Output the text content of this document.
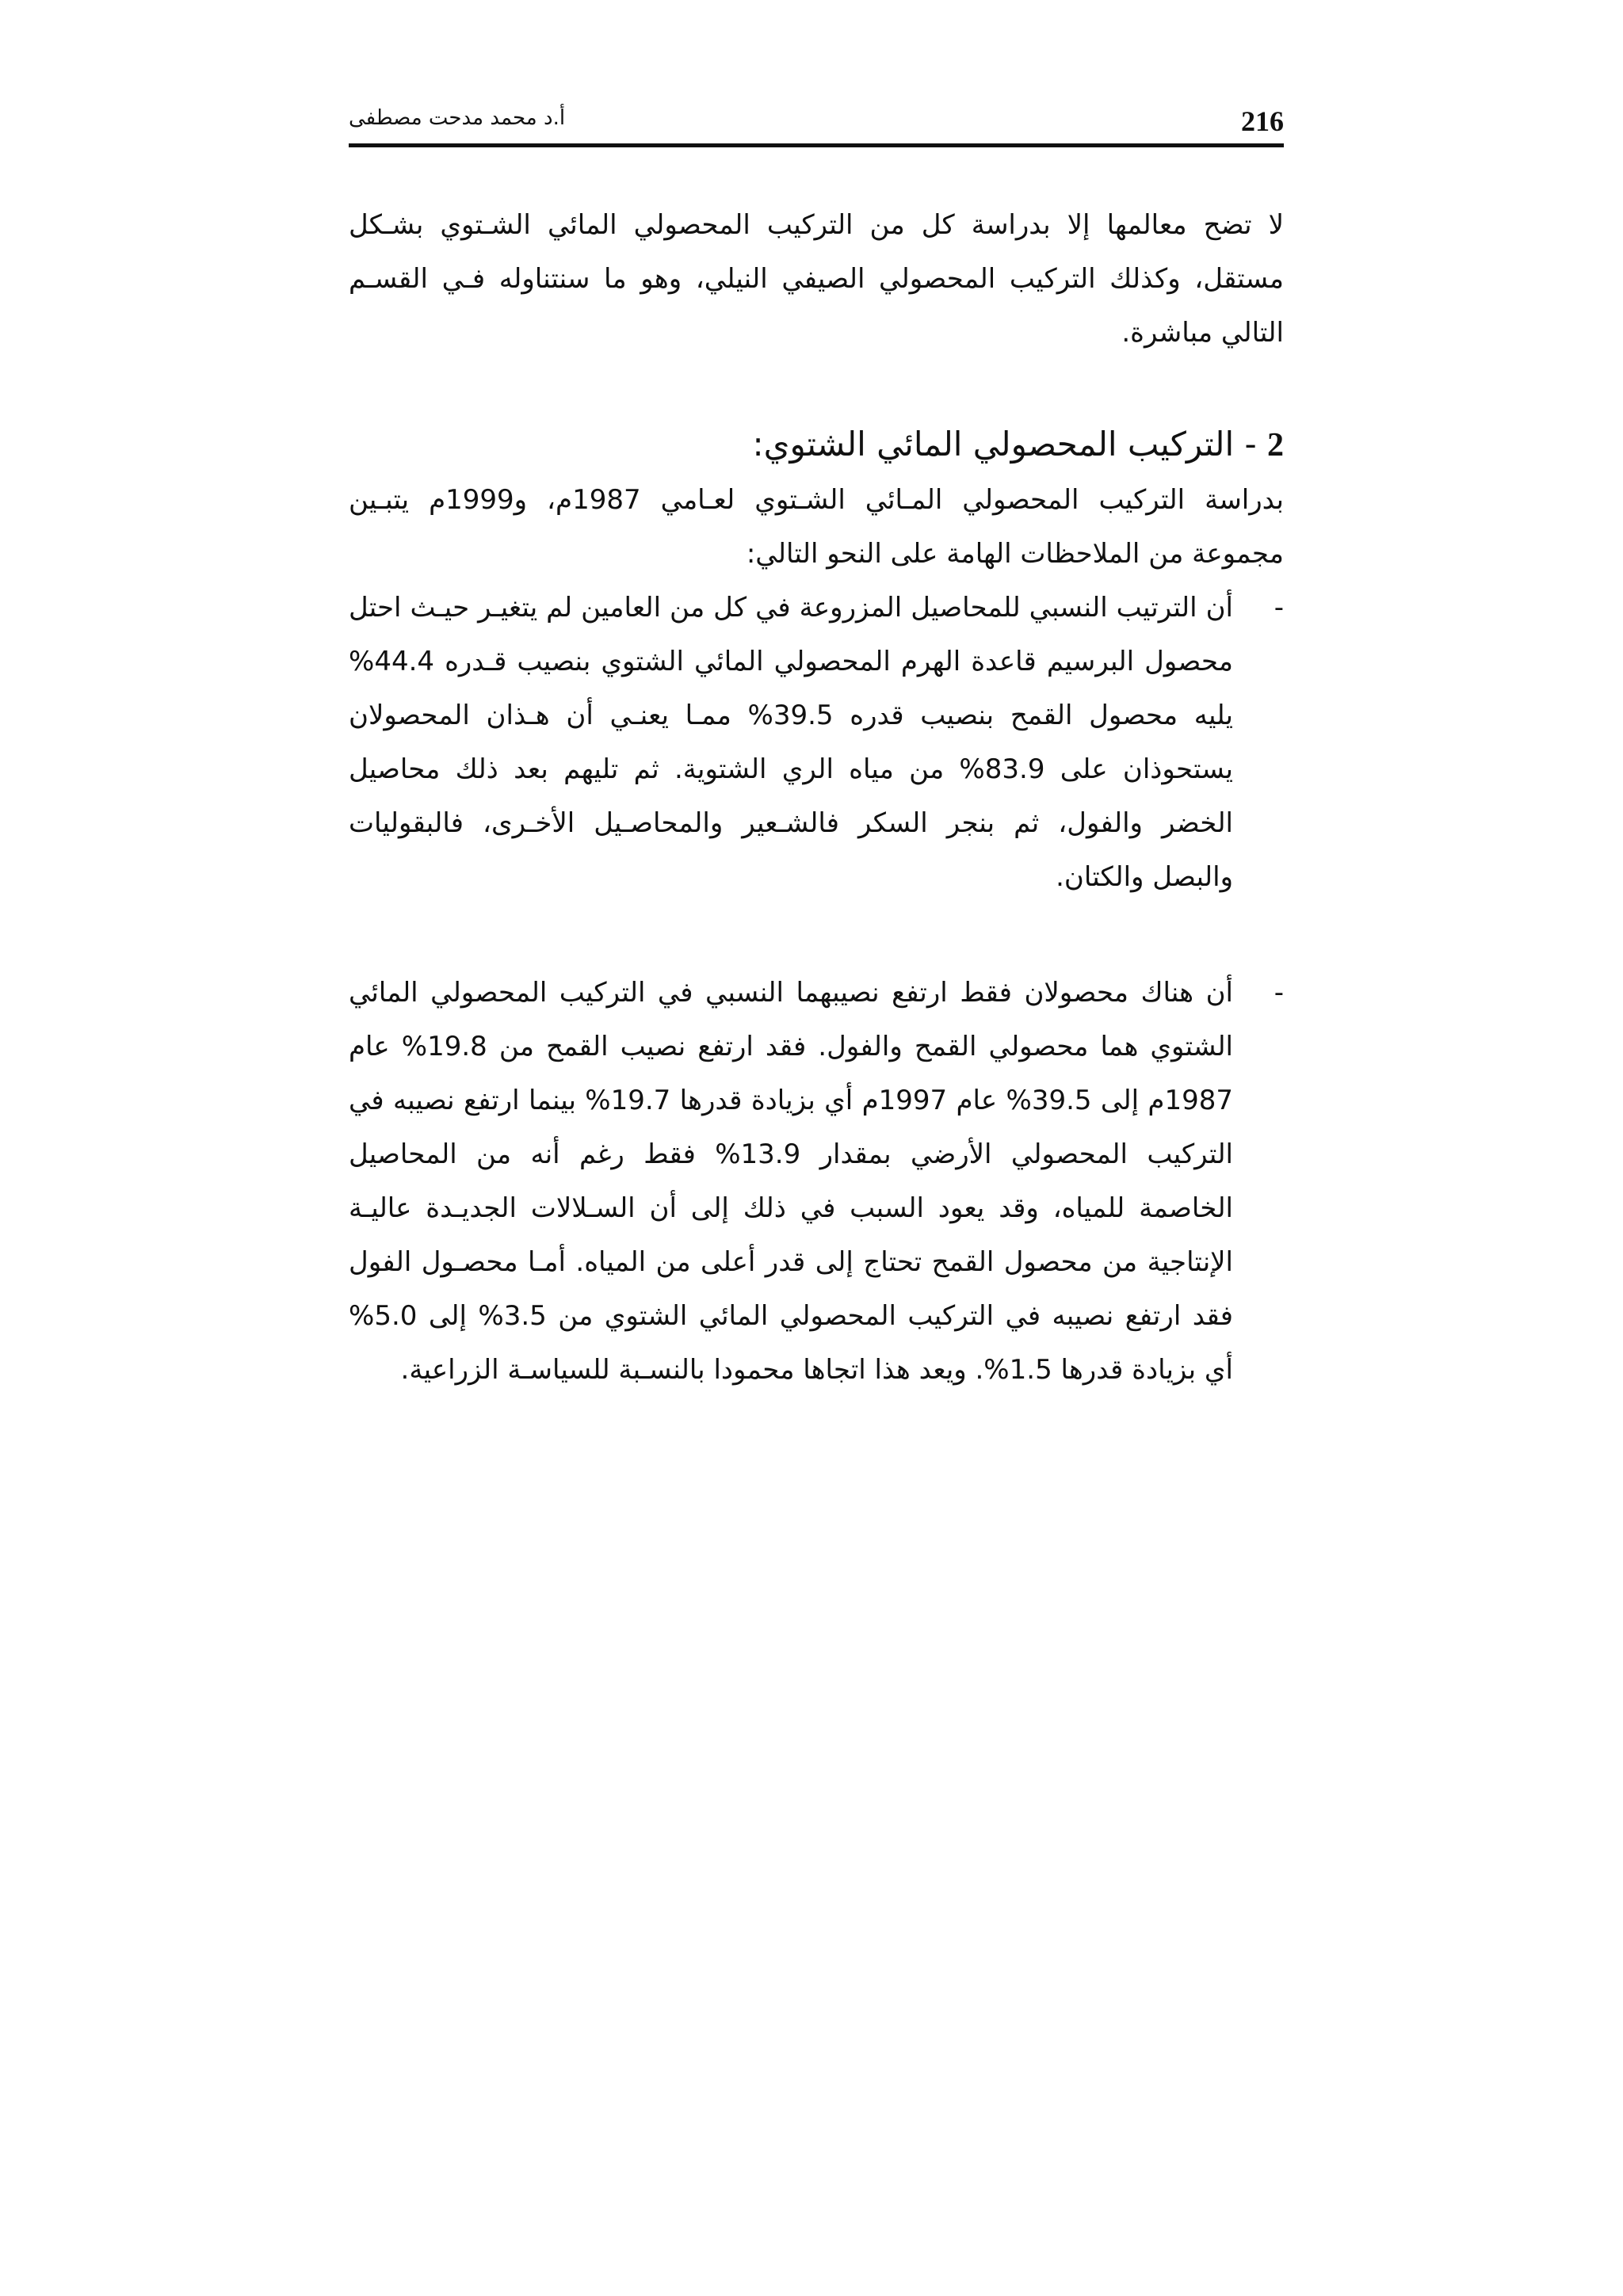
أ.د محمد مدحت مصطفى	216

لا تضح معالمها إلا بدراسة كل من التركيب المحصولي المائي الشـتوي بشـكل مستقل، وكذلك التركيب المحصولي الصيفي النيلي، وهو ما سنتناوله فـي القسـم التالي مباشرة.

2 - التركيب المحصولي المائي الشتوي:

بدراسة التركيب المحصولي المـائي الشـتوي لعـامي 1987م، و1999م يتبـين مجموعة من الملاحظات الهامة على النحو التالي:

-
أن الترتيب النسبي للمحاصيل المزروعة في كل من العامين لم يتغيـر حيـث احتل محصول البرسيم قاعدة الهرم المحصولي المائي الشتوي بنصيب قـدره 44.4% يليه محصول القمح بنصيب قدره 39.5% ممـا يعنـي أن هـذان المحصولان يستحوذان على 83.9% من مياه الري الشتوية. ثم تليهم بعد ذلك محاصيل الخضر والفول، ثم بنجر السكر فالشـعير والمحاصـيل الأخـرى، فالبقوليات والبصل والكتان.
-
أن هناك محصولان فقط ارتفع نصيبهما النسبي في التركيب المحصولي المائي الشتوي هما محصولي القمح والفول. فقد ارتفع نصيب القمح من 19.8% عام 1987م إلى 39.5% عام 1997م أي بزيادة قدرها 19.7% بينما ارتفع نصيبه في التركيب المحصولي الأرضي بمقدار 13.9% فقط رغم أنه من المحاصيل الخاصمة للمياه، وقد يعود السبب في ذلك إلى أن السـلالات الجديـدة عاليـة الإنتاجية من محصول القمح تحتاج إلى قدر أعلى من المياه. أمـا محصـول الفول فقد ارتفع نصيبه في التركيب المحصولي المائي الشتوي من 3.5% إلى 5.0% أي بزيادة قدرها 1.5%. ويعد هذا اتجاها محمودا بالنسـبة للسياسـة الزراعية.
